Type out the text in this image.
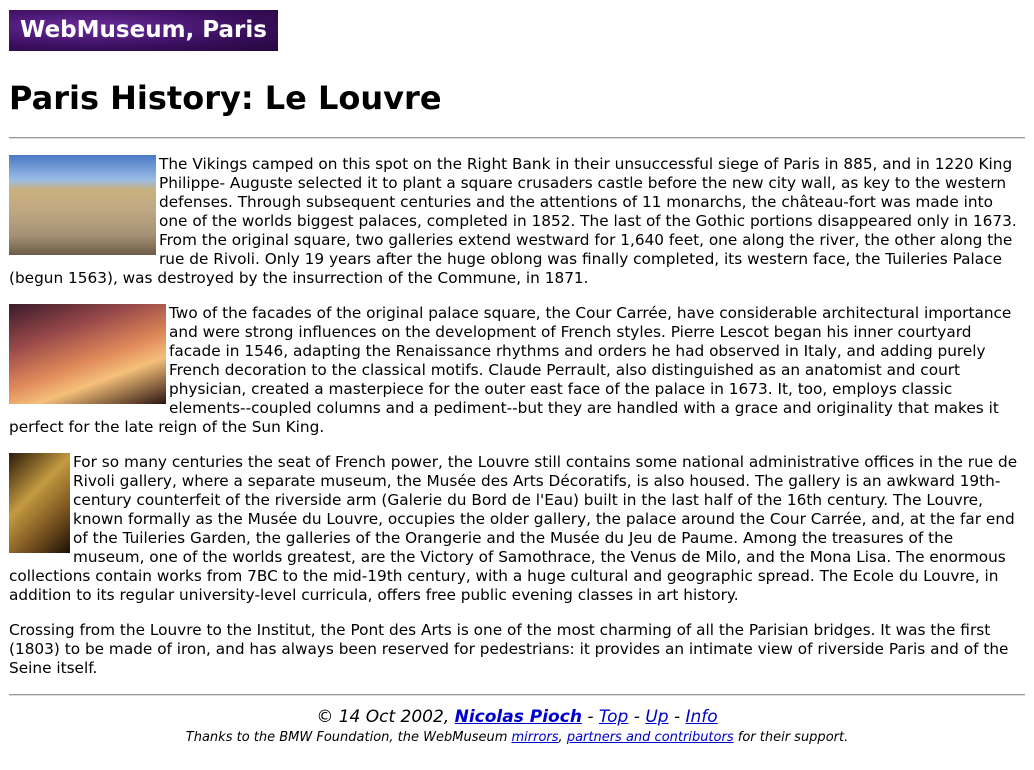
WebMuseum, Paris
Paris History: Le Louvre

The Vikings camped on this spot on the Right Bank in their unsuccessful siege of Paris in 885, and in 1220 King Philippe- Auguste selected it to plant a square crusaders castle before the new city wall, as key to the western defenses. Through subsequent centuries and the attentions of 11 monarchs, the château-fort was made into one of the worlds biggest palaces, completed in 1852. The last of the Gothic portions disappeared only in 1673. From the original square, two galleries extend westward for 1,640 feet, one along the river, the other along the rue de Rivoli. Only 19 years after the huge oblong was finally completed, its western face, the Tuileries Palace (begun 1563), was destroyed by the insurrection of the Commune, in 1871.

Two of the facades of the original palace square, the Cour Carrée, have considerable architectural importance and were strong influences on the development of French styles. Pierre Lescot began his inner courtyard facade in 1546, adapting the Renaissance rhythms and orders he had observed in Italy, and adding purely French decoration to the classical motifs. Claude Perrault, also distinguished as an anatomist and court physician, created a masterpiece for the outer east face of the palace in 1673. It, too, employs classic elements--coupled columns and a pediment--but they are handled with a grace and originality that makes it perfect for the late reign of the Sun King.

For so many centuries the seat of French power, the Louvre still contains some national administrative offices in the rue de Rivoli gallery, where a separate museum, the Musée des Arts Décoratifs, is also housed. The gallery is an awkward 19th-century counterfeit of the riverside arm (Galerie du Bord de l'Eau) built in the last half of the 16th century. The Louvre, known formally as the Musée du Louvre, occupies the older gallery, the palace around the Cour Carrée, and, at the far end of the Tuileries Garden, the galleries of the Orangerie and the Musée du Jeu de Paume. Among the treasures of the museum, one of the worlds greatest, are the Victory of Samothrace, the Venus de Milo, and the Mona Lisa. The enormous collections contain works from 7BC to the mid-19th century, with a huge cultural and geographic spread. The Ecole du Louvre, in addition to its regular university-level curricula, offers free public evening classes in art history.

Crossing from the Louvre to the Institut, the Pont des Arts is one of the most charming of all the Parisian bridges. It was the first (1803) to be made of iron, and has always been reserved for pedestrians: it provides an intimate view of riverside Paris and of the Seine itself.

© 14 Oct 2002, Nicolas Pioch - Top - Up - Info
Thanks to the BMW Foundation, the WebMuseum mirrors, partners and contributors for their support.
